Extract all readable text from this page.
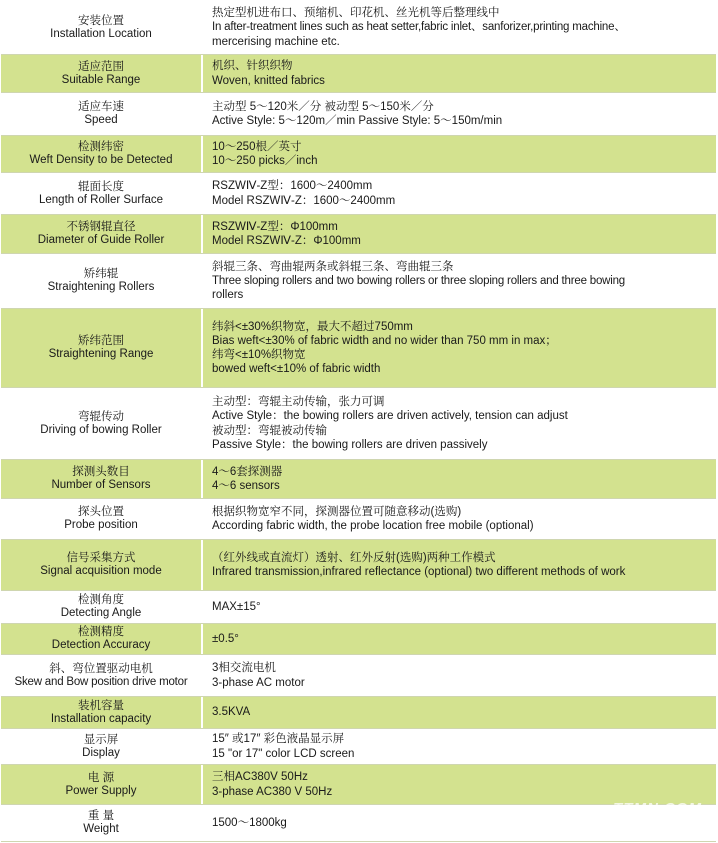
安装位置
Installation Location
热定型机进布口、预缩机、印花机、丝光机等后整理线中
In after-treatment lines such as heat setter,fabric inlet、sanforizer,printing machine、
mercerising machine etc.
适应范围
Suitable Range
机织、针织织物
Woven, knitted fabrics
适应车速
Speed
主动型 5～120米／分 被动型 5～150米／分
Active Style: 5～120m／min Passive Style: 5～150m/min
检测纬密
Weft Density to be Detected
10～250根／英寸
10～250 picks／inch
辊面长度
Length of Roller Surface
RSZWⅣ-Z型：1600～2400mm
Model RSZWⅣ-Z：1600～2400mm
不锈钢辊直径
Diameter of Guide Roller
RSZWⅣ-Z型：Φ100mm
Model RSZWⅣ-Z：Φ100mm
矫纬辊
Straightening Rollers
斜辊三条、弯曲辊两条或斜辊三条、弯曲辊三条
Three sloping rollers and two bowing rollers or three sloping rollers and three bowing
rollers
矫纬范围
Straightening Range
纬斜<±30%织物宽，最大不超过750mm
Bias weft<±30% of fabric width and no wider than 750 mm in max；
纬弯<±10%织物宽
bowed weft<±10% of fabric width
弯辊传动
Driving of bowing Roller
主动型：弯辊主动传输，张力可调
Active Style：the bowing rollers are driven actively, tension can adjust
被动型：弯辊被动传输
Passive Style：the bowing rollers are driven passively
探测头数目
Number of Sensors
4～6套探测器
4～6 sensors
探头位置
Probe position
根据织物宽窄不同，探测器位置可随意移动(选购)
According fabric width, the probe location free mobile (optional)
信号采集方式
Signal acquisition mode
（红外线或直流灯）透射、红外反射(选购)两种工作模式
Infrared transmission,infrared reflectance (optional) two different methods of work
检测角度
Detecting Angle
MAX±15°
检测精度
Detection Accuracy
±0.5°
斜、弯位置驱动电机
Skew and Bow position drive motor
3相交流电机
3-phase AC motor
装机容量
Installation capacity
3.5KVA
显示屏
Display
15″ 或17″ 彩色液晶显示屏
15 "or 17" color LCD screen
电 源
Power Supply
三相AC380V 50Hz
3-phase AC380 V 50Hz
重 量
Weight
1500～1800kg
TTMN.COM
中国纺织网
